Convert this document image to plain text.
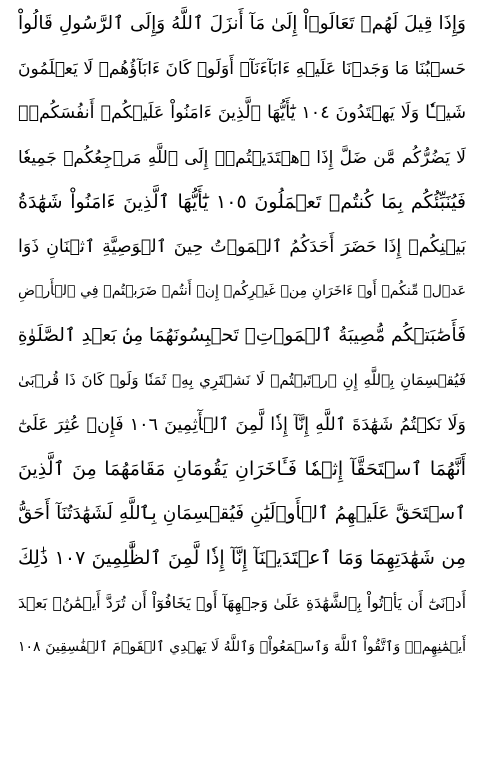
وَإِذَا قِيلَ لَهُمۡ تَعَالَوۡاْ إِلَىٰ مَآ أَنزَلَ ٱللَّهُ وَإِلَى ٱلرَّسُولِ قَالُواْ
حَسۡبُنَا مَا وَجَدۡنَا عَلَيۡهِ ءَابَآءَنَآۚ أَوَلَوۡ كَانَ ءَابَآؤُهُمۡ لَا يَعۡلَمُونَ
شَيۡـٔٗا وَلَا يَهۡتَدُونَ ١٠٤ يَٰٓأَيُّهَا ٱلَّذِينَ ءَامَنُواْ عَلَيۡكُمۡ أَنفُسَكُمۡۖ
لَا يَضُرُّكُم مَّن ضَلَّ إِذَا ٱهۡتَدَيۡتُمۡۚ إِلَى ٱللَّهِ مَرۡجِعُكُمۡ جَمِيعٗا
فَيُنَبِّئُكُم بِمَا كُنتُمۡ تَعۡمَلُونَ ١٠٥ يَٰٓأَيُّهَا ٱلَّذِينَ ءَامَنُواْ شَهَٰدَةُ
بَيۡنِكُمۡ إِذَا حَضَرَ أَحَدَكُمُ ٱلۡمَوۡتُ حِينَ ٱلۡوَصِيَّةِ ٱثۡنَانِ ذَوَا
عَدۡلٖ مِّنكُمۡ أَوۡ ءَاخَرَانِ مِنۡ غَيۡرِكُمۡ إِنۡ أَنتُمۡ ضَرَبۡتُمۡ فِي ٱلۡأَرۡضِ
فَأَصَٰبَتۡكُم مُّصِيبَةُ ٱلۡمَوۡتِۚ تَحۡبِسُونَهُمَا مِنۢ بَعۡدِ ٱلصَّلَوٰةِ
فَيُقۡسِمَانِ بِٱللَّهِ إِنِ ٱرۡتَبۡتُمۡ لَا نَشۡتَرِي بِهِۦ ثَمَنٗا وَلَوۡ كَانَ ذَا قُرۡبَىٰ
وَلَا نَكۡتُمُ شَهَٰدَةَ ٱللَّهِ إِنَّآ إِذٗا لَّمِنَ ٱلۡأٓثِمِينَ ١٠٦ فَإِنۡ عُثِرَ عَلَىٰٓ
أَنَّهُمَا ٱسۡتَحَقَّآ إِثۡمٗا فَـَٔاخَرَانِ يَقُومَانِ مَقَامَهُمَا مِنَ ٱلَّذِينَ
ٱسۡتَحَقَّ عَلَيۡهِمُ ٱلۡأَوۡلَيَٰنِ فَيُقۡسِمَانِ بِٱللَّهِ لَشَهَٰدَتُنَآ أَحَقُّ
مِن شَهَٰدَتِهِمَا وَمَا ٱعۡتَدَيۡنَآ إِنَّآ إِذٗا لَّمِنَ ٱلظَّٰلِمِينَ ١٠٧ ذَٰلِكَ
أَدۡنَىٰٓ أَن يَأۡتُواْ بِٱلشَّهَٰدَةِ عَلَىٰ وَجۡهِهَآ أَوۡ يَخَافُوٓاْ أَن تُرَدَّ أَيۡمَٰنُۢ بَعۡدَ
أَيۡمَٰنِهِمۡۗ وَٱتَّقُواْ ٱللَّهَ وَٱسۡمَعُواْۗ وَٱللَّهُ لَا يَهۡدِي ٱلۡقَوۡمَ ٱلۡفَٰسِقِينَ ١٠٨
